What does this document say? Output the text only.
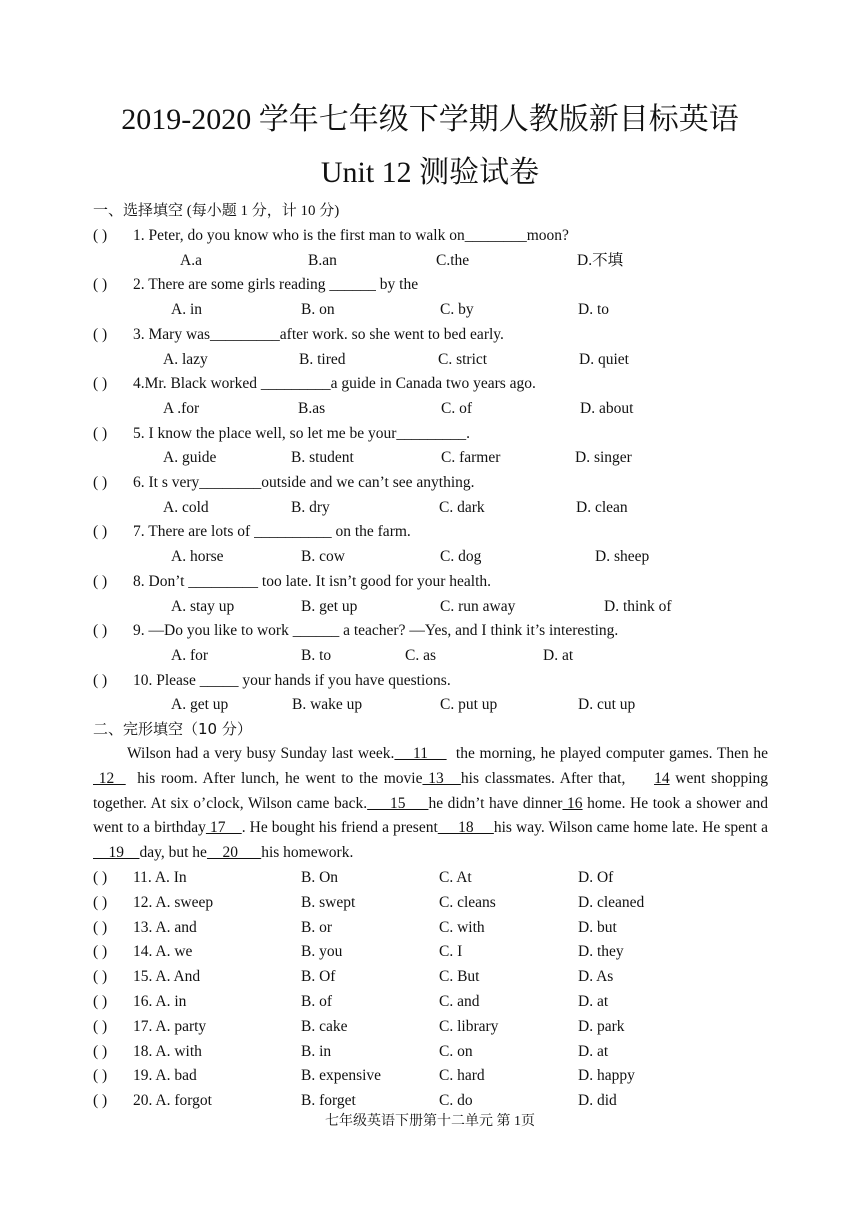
2019-2020 学年七年级下学期人教版新目标英语
Unit 12 测验试卷
一、选择填空 (每小题 1 分，计 10 分)
( ) 1. Peter, do you know who is the first man to walk on________moon?
A.a	B.an	C.the	D.不填
( ) 2. There are some girls reading ______ by the
A. in	B. on	C. by	D. to
( ) 3. Mary was_________after work. so she went to bed early.
A. lazy	B. tired	C. strict	D. quiet
( ) 4.Mr. Black worked _________a guide in Canada two years ago.
A .for	B.as	C. of	D. about
( ) 5. I know the place well, so let me be your_________.
A. guide	B. student	C. farmer	D. singer
( ) 6. It s very________outside and we can’t see anything.
A. cold	B. dry	C. dark	D. clean
( ) 7. There are lots of __________ on the farm.
A. horse	B. cow	C. dog	D. sheep
( ) 8. Don’t _________ too late. It isn’t good for your health.
A. stay up	B. get up	C. run away	D. think of
( ) 9. —Do you like to work ______ a teacher? —Yes, and I think it’s interesting.
A. for	B. to	C. as	D. at
( ) 10. Please _____ your hands if you have questions.
A. get up	B. wake up	C. put up	D. cut up
二、完形填空（10 分）

Wilson had a very busy Sunday last week.    11      the morning, he played computer games. Then he 12    his room. After lunch, he went to the movie 13   his classmates. After that,     14 went shopping together. At six o’clock, Wilson came back.     15     he didn’t have dinner 16 home. He took a shower and went to a birthday 17    . He bought his friend a present     18     his way. Wilson came home late. He spent a    19    day, but he    20      his homework.

( ) 11. A. In	B. On	C. At	D. Of
( ) 12. A. sweep	B. swept	C. cleans	D. cleaned
( ) 13. A. and	B. or	C. with	D. but
( ) 14. A. we	B. you	C. I	D. they
( ) 15. A. And	B. Of	C. But	D. As
( ) 16. A. in	B. of	C. and	D. at
( ) 17. A. party	B. cake	C. library	D. park
( ) 18. A. with	B. in	C. on	D. at
( ) 19. A. bad	B. expensive	C. hard	D. happy
( ) 20. A. forgot	B. forget	C. do	D. did
七年级英语下册第十二单元 第 1页
